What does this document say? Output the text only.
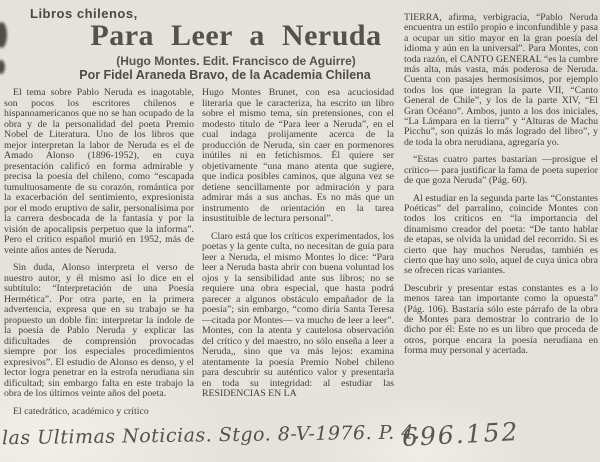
Libros chilenos,
Para Leer a Neruda
(Hugo Montes. Edit. Francisco de Aguirre)
Por Fidel Araneda Bravo, de la Academia Chilena

El tema sobre Pablo Neruda es inagotable, son pocos los escritores chilenos e hispanoamericanos que no se han ocupado de la obra y de la personalidad del poeta Premio Nobel de Literatura. Uno de los libros que mejor interpretan la labor de Neruda es el de Amado Alonso (1896-1952), en cuya presentación calificó en forma admirable y precisa la poesía del chileno, como “escapada tumultuosamente de su corazón, romántica por la exacerbación del sentimiento, expresionista por el modo eruptivo de salir, personalísima por la carrera desbocada de la fantasía y por la visión de apocalipsis perpetuo que la informa”. Pero el crítico español murió en 1952, más de veinte años antes de Neruda.

Sin duda, Alonso interpreta el verso de nuestro autor, y él mismo así lo dice en el subtítulo: “Interpretación de una Poesía Hermética”. Por otra parte, en la primera advertencia, expresa que en su trabajo se ha propuesto un doble fin: interpretar la índole de la poesía de Pablo Neruda y explicar las dificultades de comprensión provocadas siempre por los especiales procedimientos expresivos”. El estudio de Alonso es denso, y el lector logra penetrar en la estrofa nerudiana sin dificultad; sin embargo falta en este trabajo la obra de los últimos veinte años del poeta.

El catedrático, académico y crítico

Hugo Montes Brunet, con esa acuciosidad literaria que le caracteriza, ha escrito un libro sobre el mismo tema, sin pretensiones, con el modesto título de “Para leer a Neruda”, en el cual indaga prolijamente acerca de la producción de Neruda, sin caer en pormenores inútiles ni en fetichismos. Él quiere ser objetivamente “una mano atenta que sugiere, que indica posibles caminos, que alguna vez se detiene sencillamente por admiración y para admirar más a sus anchas. Es no más que un instrumento de orientación en la tarea insustituible de lectura personal”.

Claro está que los críticos experimentados, los poetas y la gente culta, no necesitan de guía para leer a Neruda, el mismo Montes lo dice: “Para leer a Neruda basta abrir con buena voluntad los ojos y la sensibilidad ante sus libros; no se requiere una obra especial, que hasta podrá parecer a algunos obstáculo empañador de la poesía”; sin embargo, “como diría Santa Teresa —citada por Montes— va mucho de leer a leer”. Montes, con la atenta y cautelosa observación del crítico y del maestro, no sólo enseña a leer a Neruda,, sino que va más lejos: examina atentamente la poesía Premio Nobel chileno para descubrir su auténtico valor y presentarla en toda su integridad: al estudiar las RESIDENCIAS EN LA

TIERRA, afirma, verbigracia, “Pablo Neruda encuentra un estilo propio e inconfundible y pasa a ocupar un sitio mayor en la gran poesía del idioma y aún en la universal”. Para Montes, con toda razón, el CANTO GENERAL “es la cumbre más alta, más vasta, más poderosa de Neruda. Cuenta con pasajes hermosísimos, por ejemplo todos los que integran la parte VII, “Canto General de Chile”, y los de la parte XIV, “El Gran Océano”. Ambos, junto a los dos iniciales, “La Lámpara en la tierra” y “Alturas de Machu Picchu”, son quizás lo más logrado del libro”, y de toda la obra nerudiana, agregaría yo.

“Estas cuatro partes bastarían —prosigue el crítico— para justificar la fama de poeta superior de que goza Neruda” (Pág. 60).

Al estudiar en la segunda parte las “Constantes Poéticas” del parralino, coincide Montes con todos los críticos en “la importancia del dinamismo creador del poeta: “De tanto hablar de etapas, se olvida la unidad del recorrido. Si es cierto que hay muchos Nerudas, también es cierto que hay uno solo, aquel de cuya única obra se ofrecen ricas variantes.

Descubrir y presentar estas constantes es a lo menos tarea tan importante como la opuesta” (Pág. 106). Bastaría sólo este párrafo de la obra de Montes para demostrar lo contrario de lo dicho por él: Este no es un libro que proceda de otros, porque encara la poesía nerudiana en forma muy personal y acertada.

las Ultimas Noticias. Stgo. 8-V-1976. P. 4.
696.152
